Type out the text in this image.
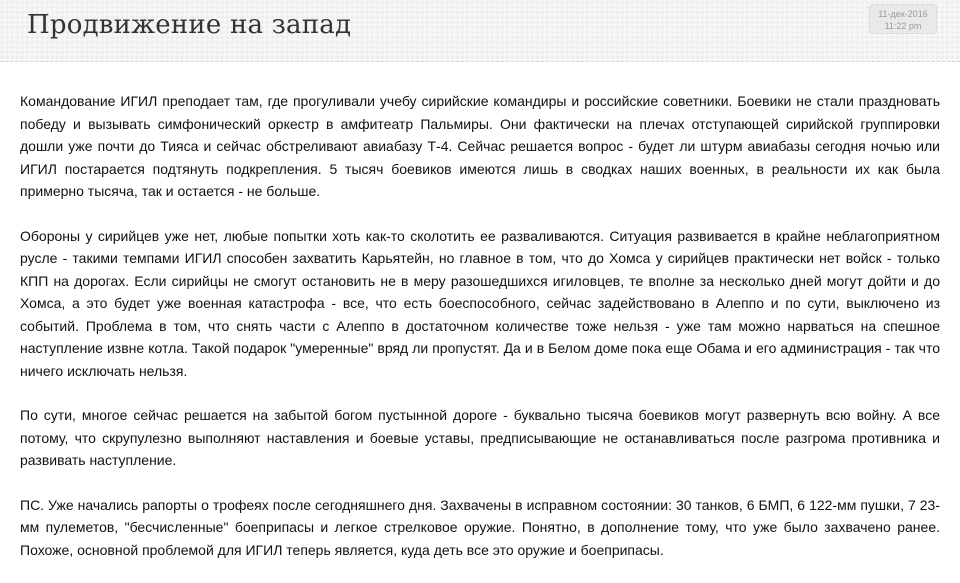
Продвижение на запад	11-дек-2016
11:22 pm

Командование ИГИЛ преподает там, где прогуливали учебу сирийские командиры и российские советники. Боевики не стали праздновать победу и вызывать симфонический оркестр в амфитеатр Пальмиры. Они фактически на плечах отступающей сирийской группировки дошли уже почти до Тияса и сейчас обстреливают авиабазу Т-4. Сейчас решается вопрос - будет ли штурм авиабазы сегодня ночью или ИГИЛ постарается подтянуть подкрепления. 5 тысяч боевиков имеются лишь в сводках наших военных, в реальности их как была примерно тысяча, так и остается - не больше.

Обороны у сирийцев уже нет, любые попытки хоть как-то сколотить ее разваливаются. Ситуация развивается в крайне неблагоприятном русле - такими темпами ИГИЛ способен захватить Карьятейн, но главное в том, что до Хомса у сирийцев практически нет войск - только КПП на дорогах. Если сирийцы не смогут остановить не в меру разошедшихся игиловцев, те вполне за несколько дней могут дойти и до Хомса, а это будет уже военная катастрофа - все, что есть боеспособного, сейчас задействовано в Алеппо и по сути, выключено из событий. Проблема в том, что снять части с Алеппо в достаточном количестве тоже нельзя - уже там можно нарваться на спешное наступление извне котла. Такой подарок "умеренные" вряд ли пропустят. Да и в Белом доме пока еще Обама и его администрация - так что ничего исключать нельзя.

По сути, многое сейчас решается на забытой богом пустынной дороге - буквально тысяча боевиков могут развернуть всю войну. А все потому, что скрупулезно выполняют наставления и боевые уставы, предписывающие не останавливаться после разгрома противника и развивать наступление.

ПС. Уже начались рапорты о трофеях после сегодняшнего дня. Захвачены в исправном состоянии: 30 танков, 6 БМП, 6 122-мм пушки, 7 23-мм пулеметов, "бесчисленные" боеприпасы и легкое стрелковое оружие. Понятно, в дополнение тому, что уже было захвачено ранее. Похоже, основной проблемой для ИГИЛ теперь является, куда деть все это оружие и боеприпасы.
